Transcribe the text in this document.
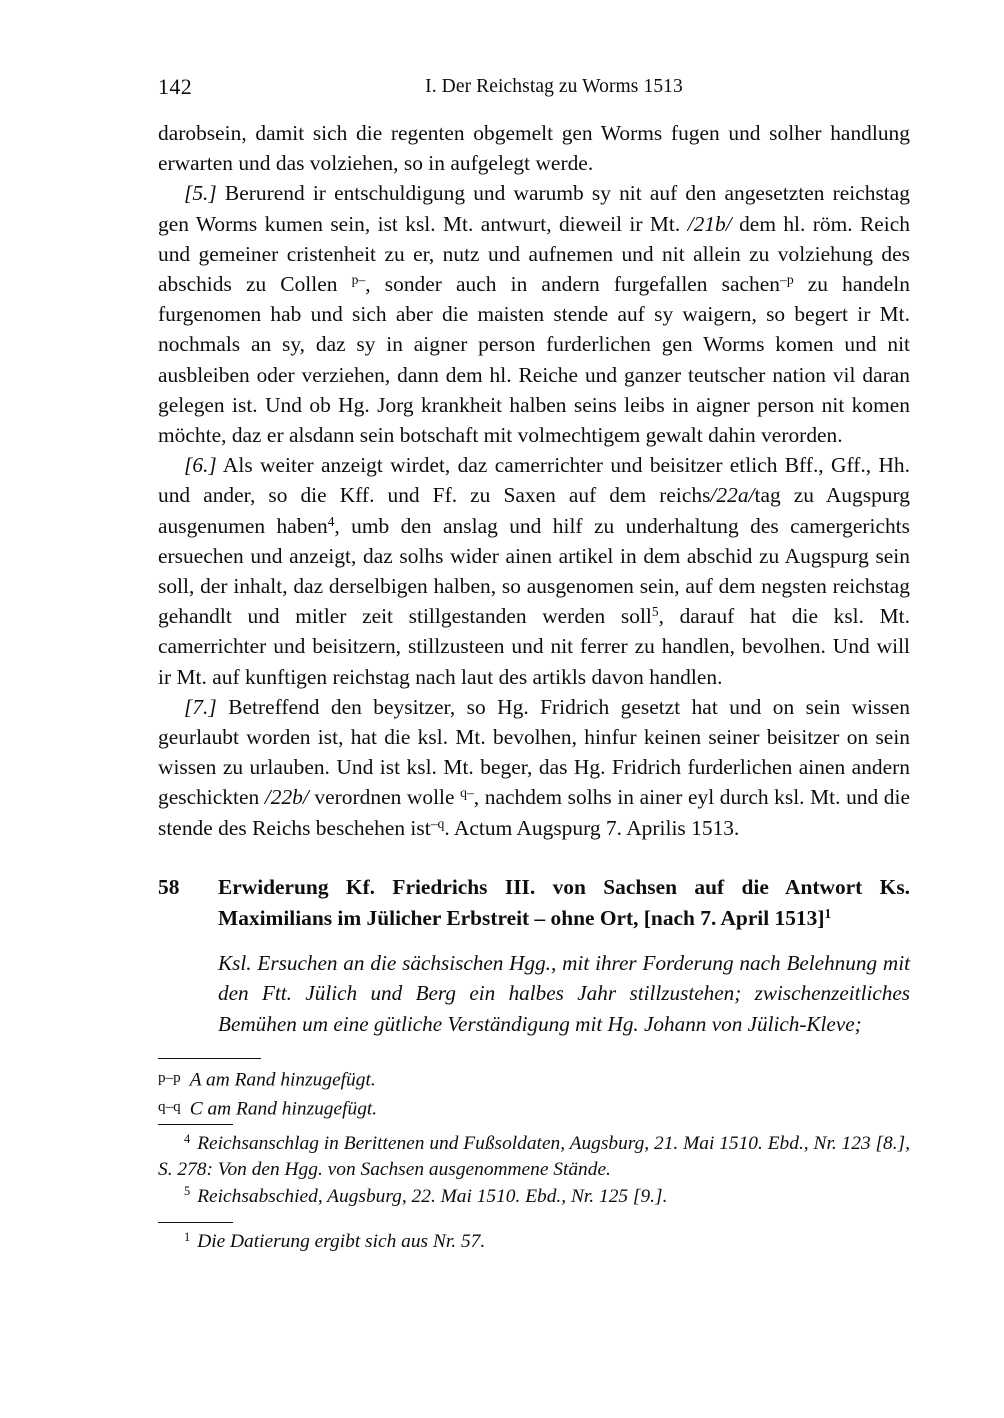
142	I. Der Reichstag zu Worms 1513

darobsein, damit sich die regenten obgemelt gen Worms fugen und solher handlung erwarten und das volziehen, so in aufgelegt werde.

[5.] Berurend ir entschuldigung und warumb sy nit auf den angesetzten reichstag gen Worms kumen sein, ist ksl. Mt. antwurt, dieweil ir Mt. /21b/ dem hl. röm. Reich und gemeiner cristenheit zu er, nutz und aufnemen und nit allein zu volziehung des abschids zu Collen $^{p-}$, sonder auch in andern furgefallen sachen$^{-p}$ zu handeln furgenomen hab und sich aber die maisten stende auf sy waigern, so begert ir Mt. nochmals an sy, daz sy in aigner person furderlichen gen Worms komen und nit ausbleiben oder verziehen, dann dem hl. Reiche und ganzer teutscher nation vil daran gelegen ist. Und ob Hg. Jorg krankheit halben seins leibs in aigner person nit komen möchte, daz er alsdann sein botschaft mit volmechtigem gewalt dahin verorden.

[6.] Als weiter anzeigt wirdet, daz camerrichter und beisitzer etlich Bff., Gff., Hh. und ander, so die Kff. und Ff. zu Saxen auf dem reichs/22a/tag zu Augspurg ausgenumen haben$^4$, umb den anslag und hilf zu underhaltung des camergerichts ersuechen und anzeigt, daz solhs wider ainen artikel in dem abschid zu Augspurg sein soll, der inhalt, daz derselbigen halben, so ausgenomen sein, auf dem negsten reichstag gehandlt und mitler zeit stillgestanden werden soll$^5$, darauf hat die ksl. Mt. camerrichter und beisitzern, stillzusteen und nit ferrer zu handlen, bevolhen. Und will ir Mt. auf kunftigen reichstag nach laut des artikls davon handlen.

[7.] Betreffend den beysitzer, so Hg. Fridrich gesetzt hat und on sein wissen geurlaubt worden ist, hat die ksl. Mt. bevolhen, hinfur keinen seiner beisitzer on sein wissen zu urlauben. Und ist ksl. Mt. beger, das Hg. Fridrich furderlichen ainen andern geschickten /22b/ verordnen wolle $^{q-}$, nachdem solhs in ainer eyl durch ksl. Mt. und die stende des Reichs beschehen ist$^{-q}$. Actum Augspurg 7. Aprilis 1513.

58	Erwiderung Kf. Friedrichs III. von Sachsen auf die Antwort Ks. Maximilians im Jülicher Erbstreit – ohne Ort, [nach 7. April 1513]$^1$
Ksl. Ersuchen an die sächsischen Hgg., mit ihrer Forderung nach Belehnung mit den Ftt. Jülich und Berg ein halbes Jahr stillzustehen; zwischenzeitliches Bemühen um eine gütliche Verständigung mit Hg. Johann von Jülich-Kleve;

p–p A am Rand hinzugefügt.

q–q C am Rand hinzugefügt.

$^4$ Reichsanschlag in Berittenen und Fußsoldaten, Augsburg, 21. Mai 1510. Ebd., Nr. 123 [8.], S. 278: Von den Hgg. von Sachsen ausgenommene Stände.

$^5$ Reichsabschied, Augsburg, 22. Mai 1510. Ebd., Nr. 125 [9.].

$^1$ Die Datierung ergibt sich aus Nr. 57.
